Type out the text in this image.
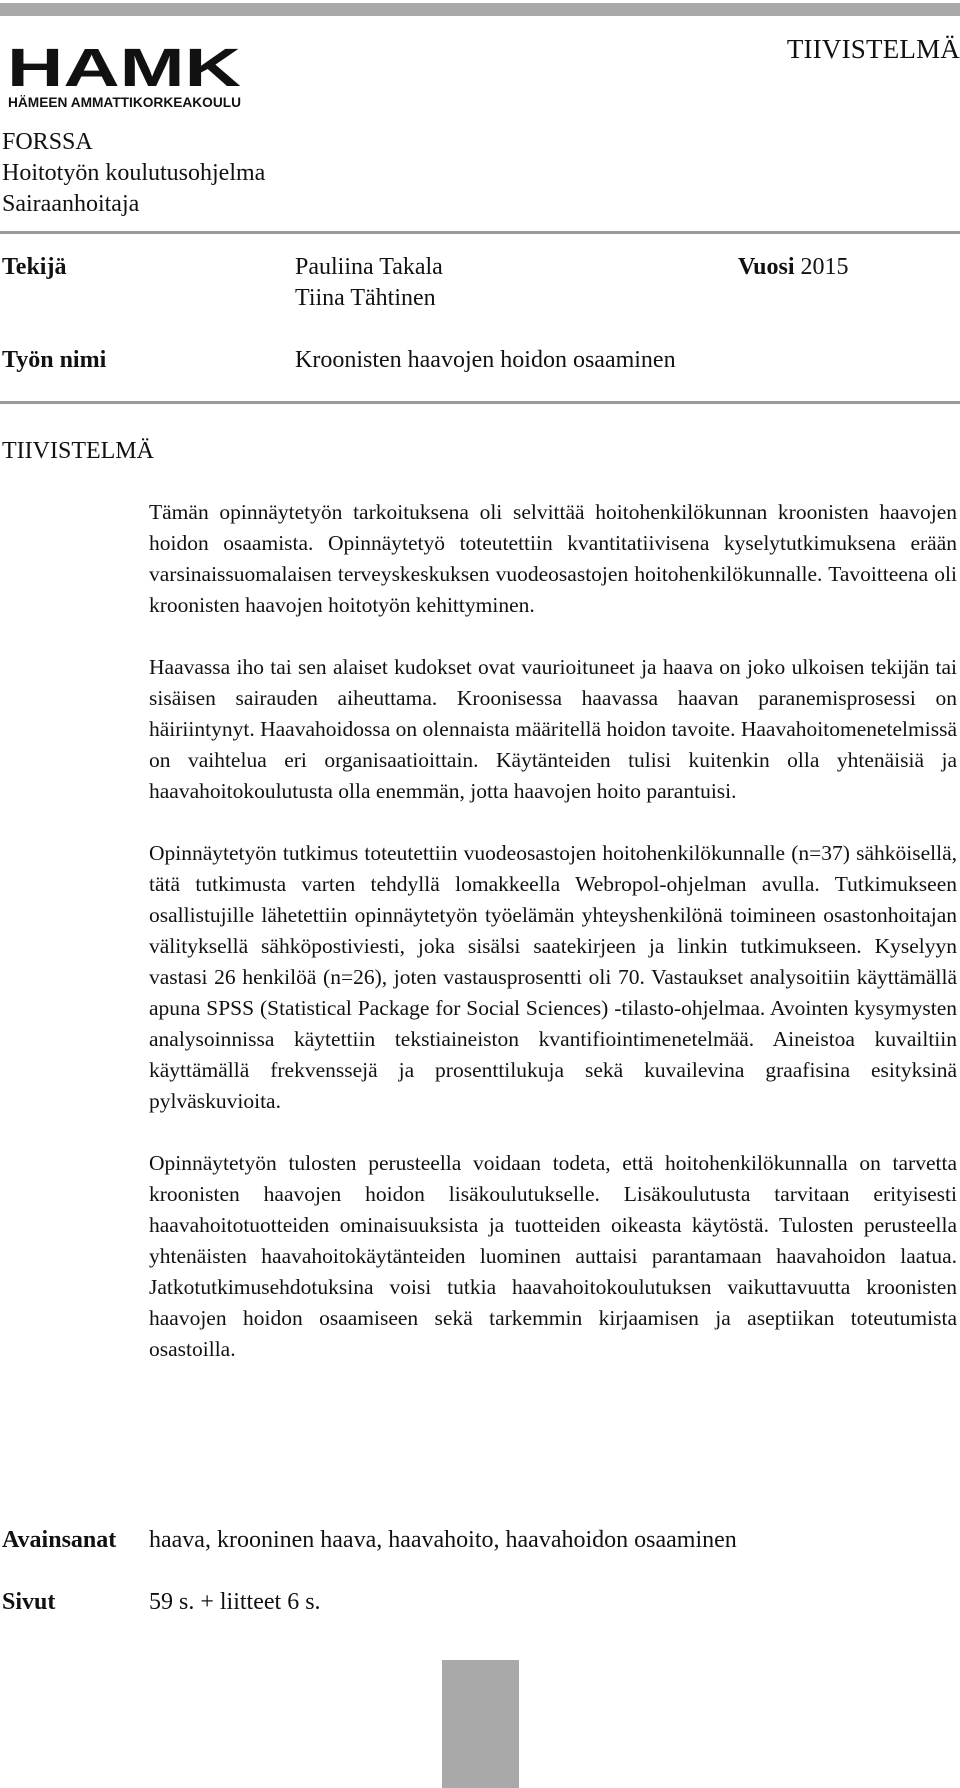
HAMK
HÄMEEN AMMATTIKORKEAKOULU
TIIVISTELMÄ
FORSSA
Hoitotyön koulutusohjelma
Sairaanhoitaja
Tekijä	Pauliina Takala
Tiina Tähtinen
Vuosi 2015
Työn nimi	Kroonisten haavojen hoidon osaaminen
TIIVISTELMÄ

Tämän opinnäytetyön tarkoituksena oli selvittää hoitohenkilökunnan kroonisten haavojen hoidon osaamista. Opinnäytetyö toteutettiin kvantitatiivisena kyselytutkimuksena erään varsinaissuomalaisen terveyskeskuksen vuodeosastojen hoitohenkilökunnalle. Tavoitteena oli kroonisten haavojen hoitotyön kehittyminen.

Haavassa iho tai sen alaiset kudokset ovat vaurioituneet ja haava on joko ulkoisen tekijän tai sisäisen sairauden aiheuttama. Kroonisessa haavassa haavan paranemisprosessi on häiriintynyt. Haavahoidossa on olennaista määritellä hoidon tavoite. Haavahoitomenetelmissä on vaihtelua eri organisaatioittain. Käytänteiden tulisi kuitenkin olla yhtenäisiä ja haavahoitokoulutusta olla enemmän, jotta haavojen hoito parantuisi.

Opinnäytetyön tutkimus toteutettiin vuodeosastojen hoitohenkilökunnalle (n=37) sähköisellä, tätä tutkimusta varten tehdyllä lomakkeella Webropol-ohjelman avulla. Tutkimukseen osallistujille lähetettiin opinnäytetyön työelämän yhteyshenkilönä toimineen osastonhoitajan välityksellä sähköpostiviesti, joka sisälsi saatekirjeen ja linkin tutkimukseen. Kyselyyn vastasi 26 henkilöä (n=26), joten vastausprosentti oli 70. Vastaukset analysoitiin käyttämällä apuna SPSS (Statistical Package for Social Sciences) -tilasto-ohjelmaa. Avointen kysymysten analysoinnissa käytettiin tekstiaineiston kvantifiointimenetelmää. Aineistoa kuvailtiin käyttämällä frekvenssejä ja prosenttilukuja sekä kuvailevina graafisina esityksinä pylväskuvioita.

Opinnäytetyön tulosten perusteella voidaan todeta, että hoitohenkilökunnalla on tarvetta kroonisten haavojen hoidon lisäkoulutukselle. Lisäkoulutusta tarvitaan erityisesti haavahoitotuotteiden ominaisuuksista ja tuotteiden oikeasta käytöstä. Tulosten perusteella yhtenäisten haavahoitokäytänteiden luominen auttaisi parantamaan haavahoidon laatua. Jatkotutkimusehdotuksina voisi tutkia haavahoitokoulutuksen vaikuttavuutta kroonisten haavojen hoidon osaamiseen sekä tarkemmin kirjaamisen ja aseptiikan toteutumista osastoilla.

Avainsanat haava, krooninen haava, haavahoito, haavahoidon osaaminen
Sivut	59 s. + liitteet 6 s.
